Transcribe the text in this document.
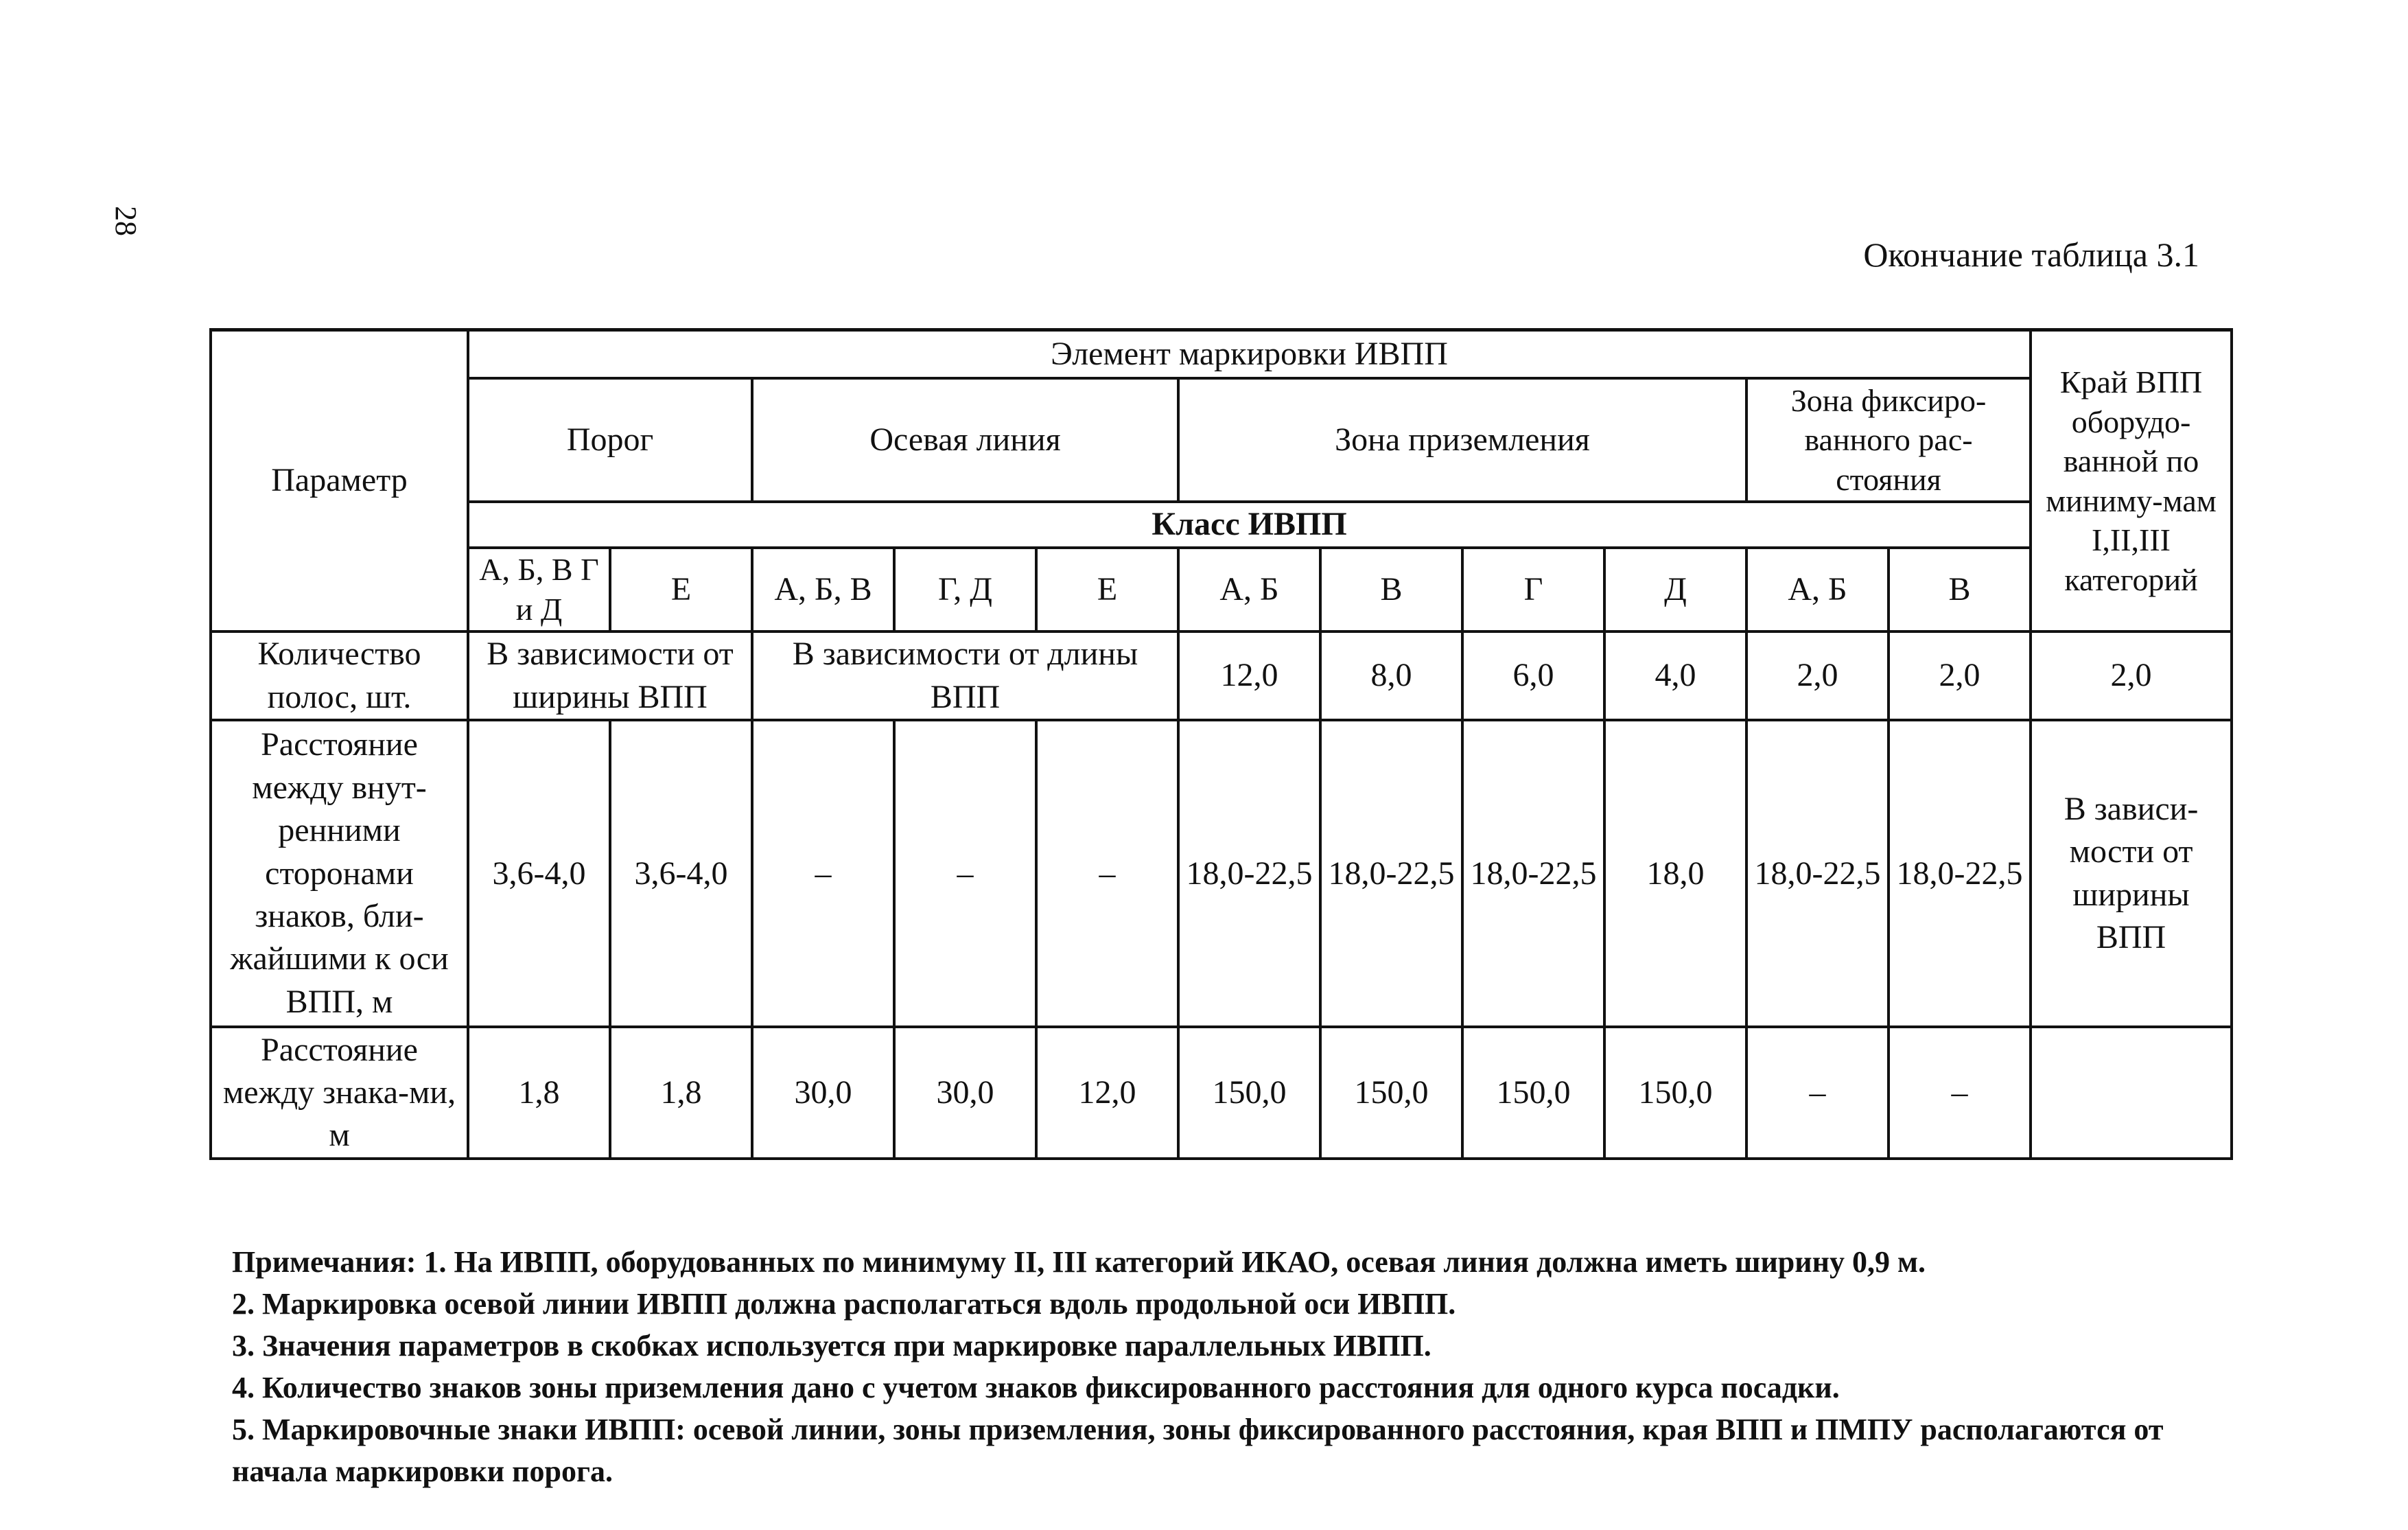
28
Окончание таблица 3.1
Параметр	Элемент маркировки ИВПП											Край ВПП оборудо-ванной по миниму-мам I,II,III категорий
	Порог		Осевая линия			Зона приземления				Зона фиксиро-ванного рас-стояния		
	Класс ИВПП											
	А, Б, В Г и Д	Е	А, Б, В	Г, Д	Е	А, Б	В	Г	Д	А, Б	В	
Количество полос, шт.	В зависимости от ширины ВПП		В зависимости от длины ВПП			12,0	8,0	6,0	4,0	2,0	2,0	2,0
Расстояние между внут-ренними сторонами знаков, бли-жайшими к оси ВПП, м	3,6-4,0	3,6-4,0	–	–	–	18,0-22,5	18,0-22,5	18,0-22,5	18,0	18,0-22,5	18,0-22,5	В зависи-мости от ширины ВПП
Расстояние между знака-ми, м	1,8	1,8	30,0	30,0	12,0	150,0	150,0	150,0	150,0	–	–	
Примечания: 1. На ИВПП, оборудованных по минимуму II, III категорий ИКАО, осевая линия должна иметь ширину 0,9 м.
2. Маркировка осевой линии ИВПП должна располагаться вдоль продольной оси ИВПП.
3. Значения параметров в скобках используется при маркировке параллельных ИВПП.
4. Количество знаков зоны приземления дано с учетом знаков фиксированного расстояния для одного курса посадки.
5. Маркировочные знаки ИВПП: осевой линии, зоны приземления, зоны фиксированного расстояния, края ВПП и ПМПУ располагаются от начала маркировки порога.
